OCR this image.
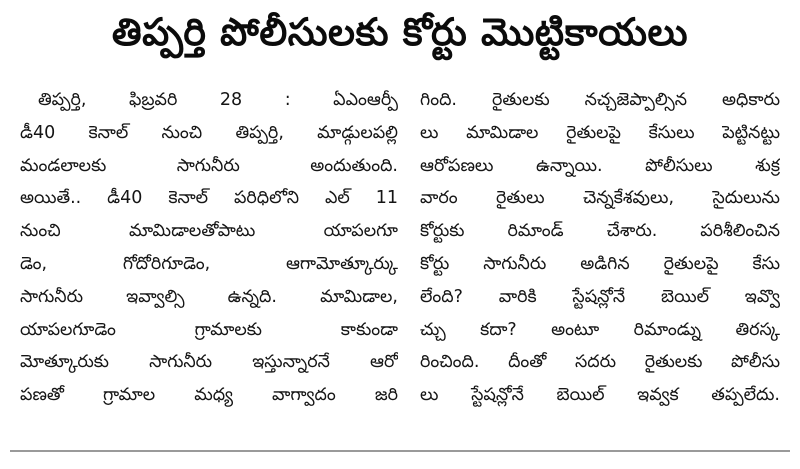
తిప్పర్తి పోలీసులకు కోర్టు మొట్టికాయలు
తిప్పర్తి, ఫిబ్రవరి 28 : ఏఎంఆర్పీ
డీ40 కెనాల్ నుంచి తిప్పర్తి, మాడ్గులపల్లి
మండలాలకు సాగునీరు అందుతుంది.
అయితే.. డీ40 కెనాల్ పరిధిలోని ఎల్ 11
నుంచి మామిడాలతోపాటు యాపలగూ
డెం, గోదోరిగూడెం, ఆగామోత్కూర్కు
సాగునీరు ఇవ్వాల్సి ఉన్నది. మామిడాల,
యాపలగూడెం గ్రామాలకు కాకుండా
మోత్కూరుకు సాగునీరు ఇస్తున్నారనే ఆరో
పణతో గ్రామాల మధ్య వాగ్వాదం జరి
గింది. రైతులకు నచ్చజెప్పాల్సిన అధికారు
లు మామిడాల రైతులపై కేసులు పెట్టినట్టు
ఆరోపణలు ఉన్నాయి. పోలీసులు శుక్ర
వారం రైతులు చెన్నకేశవులు, సైదులును
కోర్టుకు రిమాండ్ చేశారు. పరిశీలించిన
కోర్టు సాగునీరు అడిగిన రైతులపై కేసు
లేంది? వారికి స్టేషన్లోనే బెయిల్ ఇవ్వొ
చ్చు కదా? అంటూ రిమాండ్ను తిరస్క
రించింది. దీంతో సదరు రైతులకు పోలీసు
లు స్టేషన్లోనే బెయిల్ ఇవ్వక తప్పలేదు.
